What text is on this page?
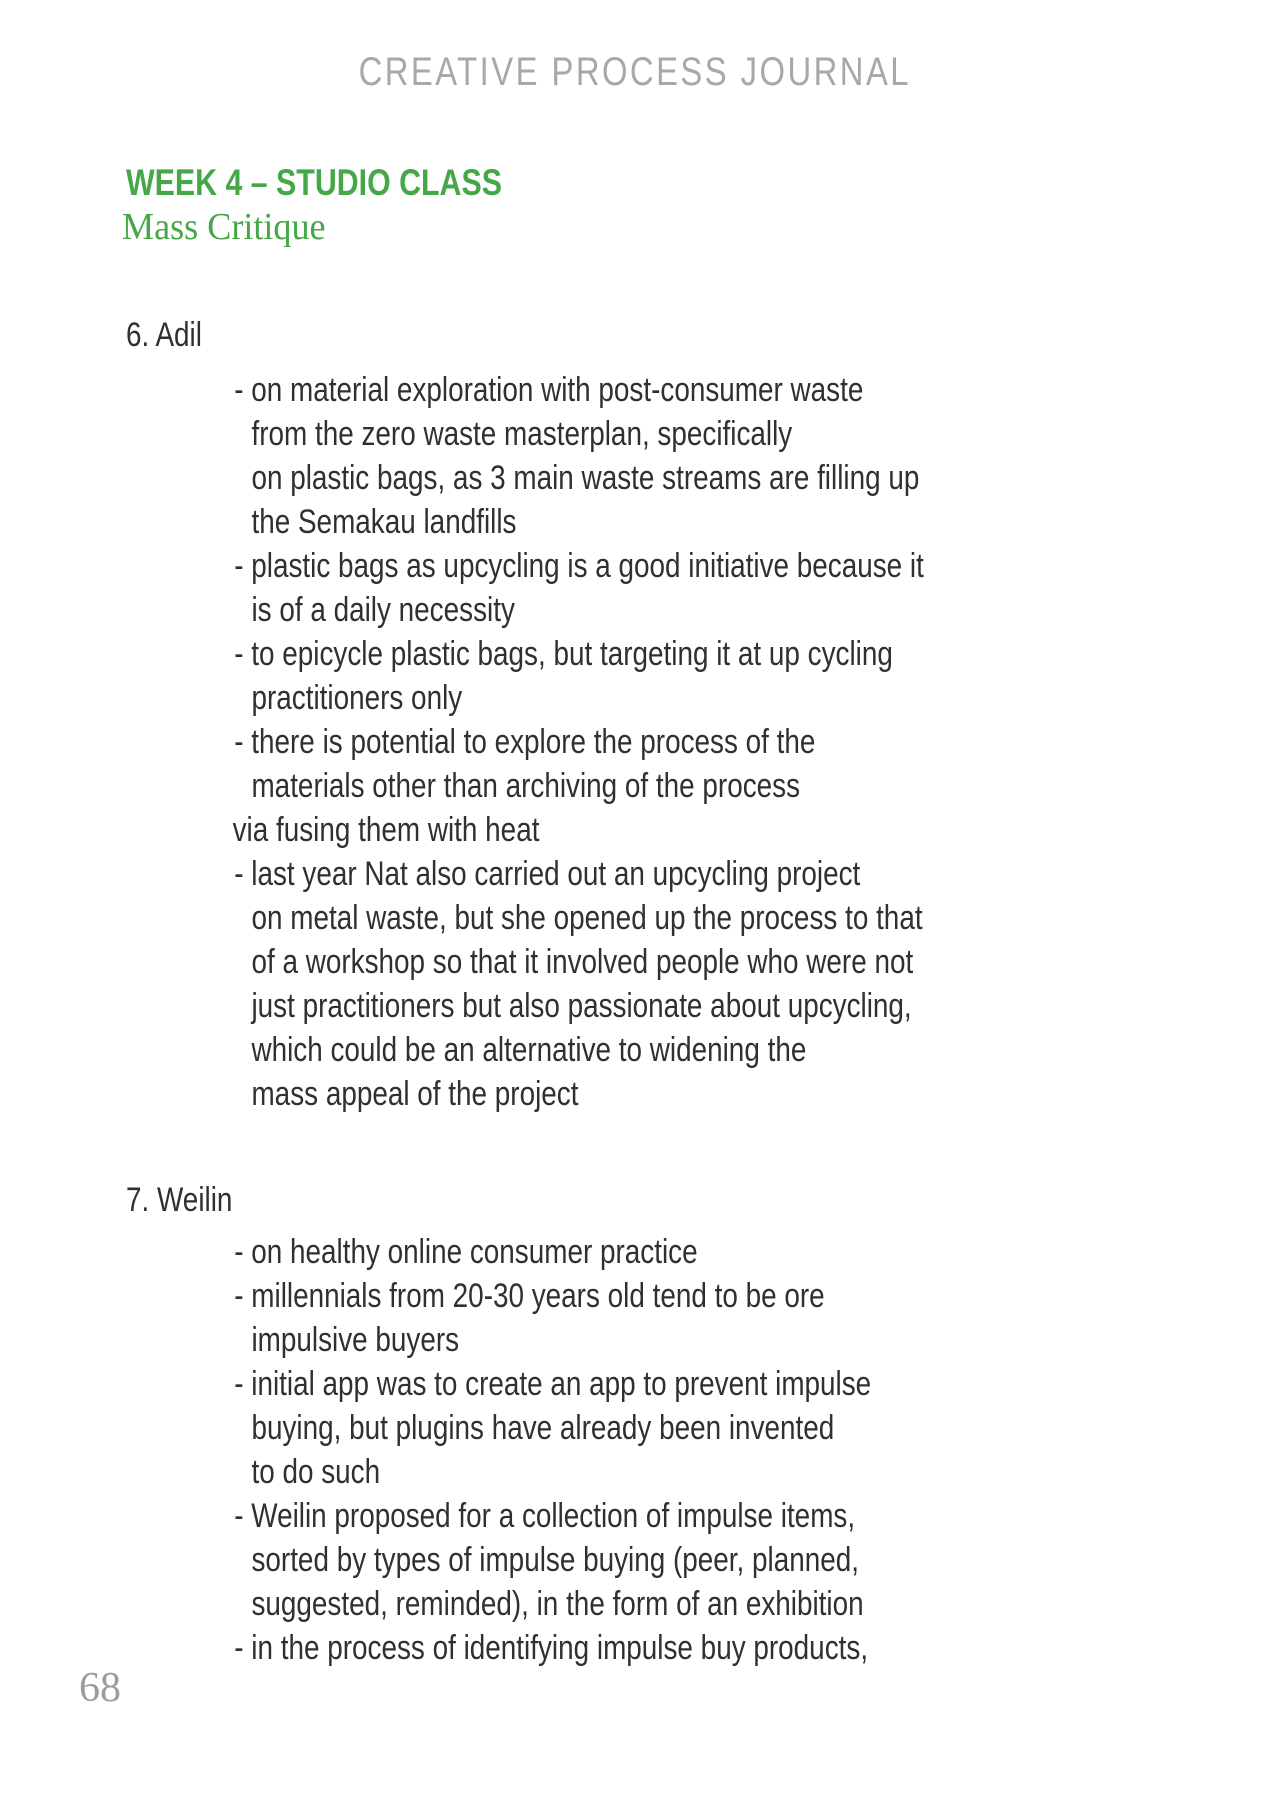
CREATIVE PROCESS JOURNAL
WEEK 4 – STUDIO CLASS
Mass Critique
6. Adil
- on material exploration with post-consumer waste
from the zero waste masterplan, specifically
on plastic bags, as 3 main waste streams are filling up
the Semakau landfills
- plastic bags as upcycling is a good initiative because it
is of a daily necessity
- to epicycle plastic bags, but targeting it at up cycling
practitioners only
- there is potential to explore the process of the
materials other than archiving of the process
via fusing them with heat
- last year Nat also carried out an upcycling project
on metal waste, but she opened up the process to that
of a workshop so that it involved people who were not
just practitioners but also passionate about upcycling,
which could be an alternative to widening the
mass appeal of the project
7. Weilin
- on healthy online consumer practice
- millennials from 20-30 years old tend to be ore
impulsive buyers
- initial app was to create an app to prevent impulse
buying, but plugins have already been invented
to do such
- Weilin proposed for a collection of impulse items,
sorted by types of impulse buying (peer, planned,
suggested, reminded), in the form of an exhibition
- in the process of identifying impulse buy products,
68
